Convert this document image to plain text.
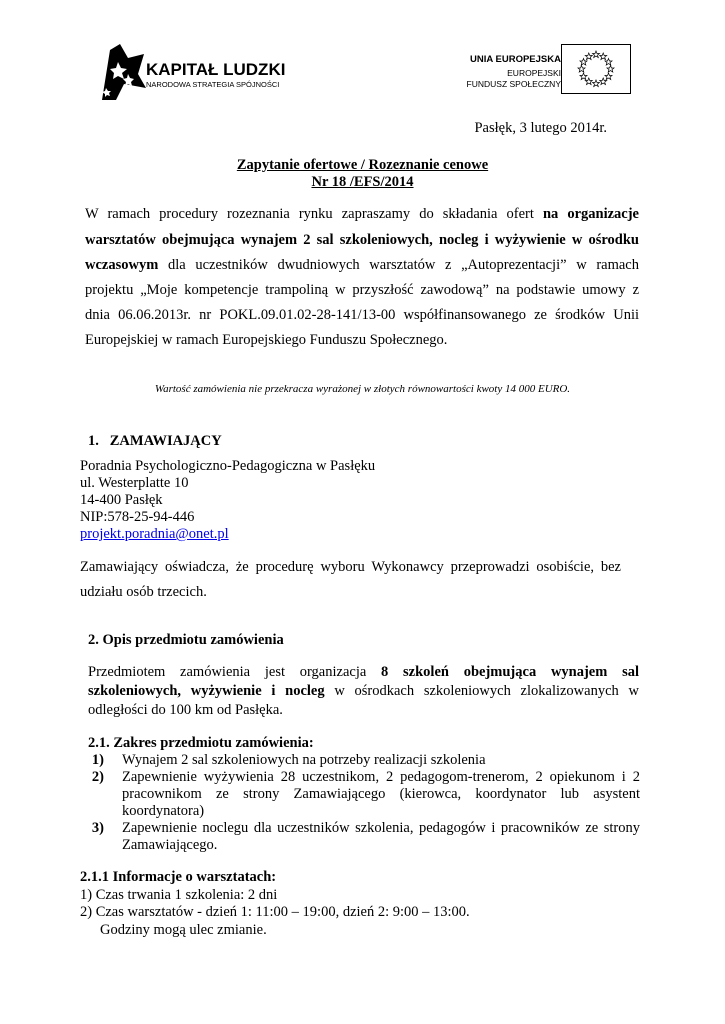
KAPITAŁ LUDZKI
NARODOWA STRATEGIA SPÓJNOŚCI
UNIA EUROPEJSKA
EUROPEJSKI
FUNDUSZ SPOŁECZNY
Pasłęk, 3 lutego 2014r.
Zapytanie ofertowe / Rozeznanie cenowe
Nr 18 /EFS/2014
W ramach procedury rozeznania rynku zapraszamy do składania ofert na organizacje
warsztatów obejmująca wynajem 2 sal szkoleniowych, nocleg i wyżywienie w ośrodku
wczasowym dla uczestników dwudniowych warsztatów z „Autoprezentacji” w ramach
projektu „Moje kompetencje trampoliną w przyszłość zawodową” na podstawie umowy z
dnia 06.06.2013r. nr POKL.09.01.02-28-141/13-00 współfinansowanego ze środków Unii
Europejskiej w ramach Europejskiego Funduszu Społecznego.
Wartość zamówienia nie przekracza wyrażonej w złotych równowartości kwoty 14 000 EURO.
1. ZAMAWIAJĄCY
Poradnia Psychologiczno-Pedagogiczna w Pasłęku
ul. Westerplatte 10
14-400 Pasłęk
NIP:578-25-94-446
projekt.poradnia@onet.pl
Zamawiający oświadcza, że procedurę wyboru Wykonawcy przeprowadzi osobiście, bez
udziału osób trzecich.
2. Opis przedmiotu zamówienia
Przedmiotem zamówienia jest organizacja 8 szkoleń obejmująca wynajem sal
szkoleniowych, wyżywienie i nocleg w ośrodkach szkoleniowych zlokalizowanych w
odległości do 100 km od Pasłęka.
2.1. Zakres przedmiotu zamówienia:
1) Wynajem 2 sal szkoleniowych na potrzeby realizacji szkolenia
2) Zapewnienie wyżywienia 28 uczestnikom, 2 pedagogom-trenerom, 2 opiekunom i 2
pracownikom ze strony Zamawiającego (kierowca, koordynator lub asystent
koordynatora)
3) Zapewnienie noclegu dla uczestników szkolenia, pedagogów i pracowników ze strony
Zamawiającego.
2.1.1 Informacje o warsztatach:
1) Czas trwania 1 szkolenia: 2 dni
2) Czas warsztatów - dzień 1: 11:00 – 19:00, dzień 2: 9:00 – 13:00.
Godziny mogą ulec zmianie.
